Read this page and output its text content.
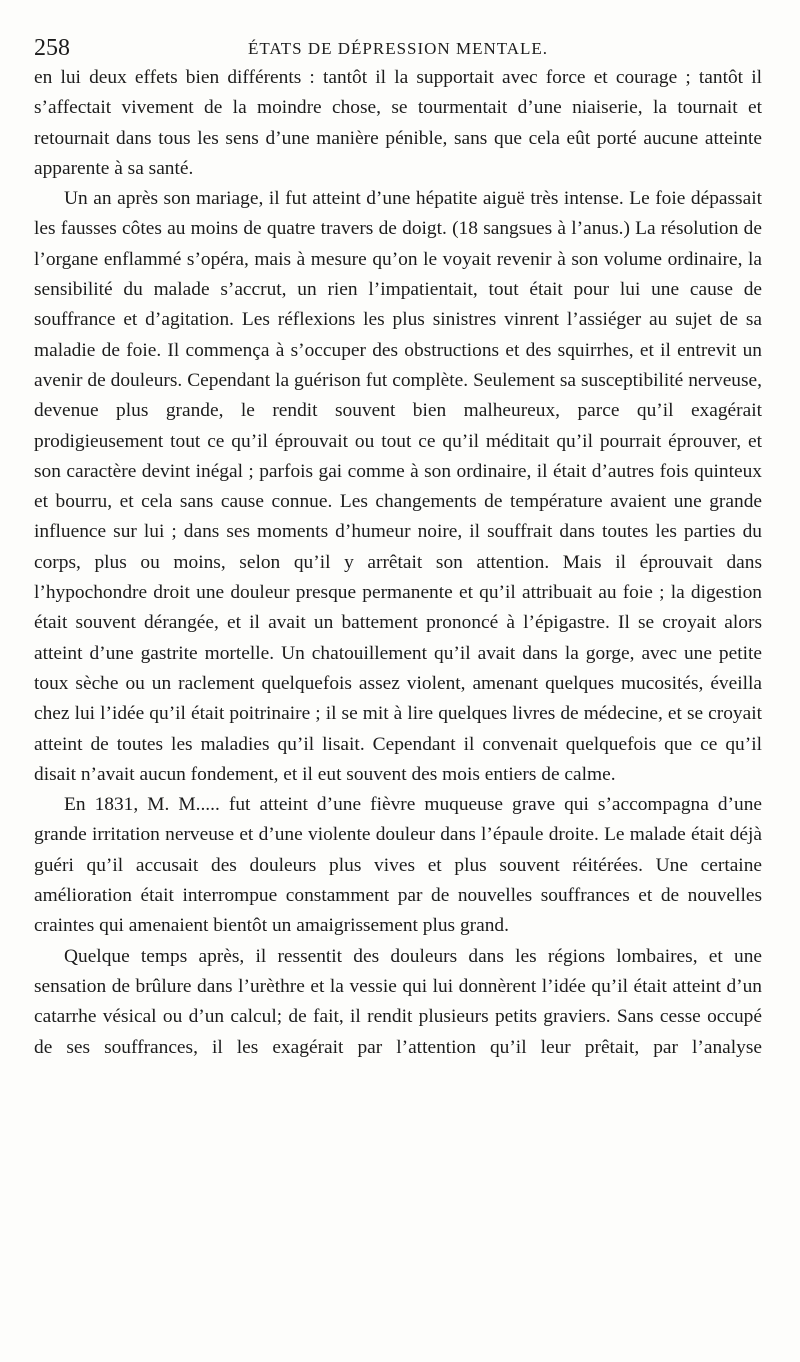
258	ÉTATS DE DÉPRESSION MENTALE.

en lui deux effets bien différents : tantôt il la supportait avec force et courage ; tantôt il s’affectait vivement de la moindre chose, se tourmentait d’une niaiserie, la tournait et retournait dans tous les sens d’une manière pénible, sans que cela eût porté aucune atteinte apparente à sa santé.

Un an après son mariage, il fut atteint d’une hépatite aiguë très intense. Le foie dépassait les fausses côtes au moins de quatre travers de doigt. (18 sangsues à l’anus.) La résolution de l’organe enflammé s’opéra, mais à mesure qu’on le voyait revenir à son volume ordinaire, la sensibilité du malade s’accrut, un rien l’impatientait, tout était pour lui une cause de souffrance et d’agitation. Les réflexions les plus sinistres vinrent l’assiéger au sujet de sa maladie de foie. Il commença à s’occuper des obstructions et des squirrhes, et il entrevit un avenir de douleurs. Cependant la guérison fut complète. Seulement sa susceptibilité nerveuse, devenue plus grande, le rendit souvent bien malheureux, parce qu’il exagérait prodigieusement tout ce qu’il éprouvait ou tout ce qu’il méditait qu’il pourrait éprouver, et son caractère devint inégal ; parfois gai comme à son ordinaire, il était d’autres fois quinteux et bourru, et cela sans cause connue. Les changements de température avaient une grande influence sur lui ; dans ses moments d’humeur noire, il souffrait dans toutes les parties du corps, plus ou moins, selon qu’il y arrêtait son attention. Mais il éprouvait dans l’hypochondre droit une douleur presque permanente et qu’il attribuait au foie ; la digestion était souvent dérangée, et il avait un battement prononcé à l’épigastre. Il se croyait alors atteint d’une gastrite mortelle. Un chatouillement qu’il avait dans la gorge, avec une petite toux sèche ou un raclement quelquefois assez violent, amenant quelques mucosités, éveilla chez lui l’idée qu’il était poitrinaire ; il se mit à lire quelques livres de médecine, et se croyait atteint de toutes les maladies qu’il lisait. Cependant il convenait quelquefois que ce qu’il disait n’avait aucun fondement, et il eut souvent des mois entiers de calme.

En 1831, M. M..... fut atteint d’une fièvre muqueuse grave qui s’accompagna d’une grande irritation nerveuse et d’une violente douleur dans l’épaule droite. Le malade était déjà guéri qu’il accusait des douleurs plus vives et plus souvent réitérées. Une certaine amélioration était interrompue constamment par de nouvelles souffrances et de nouvelles craintes qui amenaient bientôt un amaigrissement plus grand.

Quelque temps après, il ressentit des douleurs dans les régions lombaires, et une sensation de brûlure dans l’urèthre et la vessie qui lui donnèrent l’idée qu’il était atteint d’un catarrhe vésical ou d’un calcul; de fait, il rendit plusieurs petits graviers. Sans cesse occupé de ses souffrances, il les exagérait par l’attention qu’il leur prêtait, par l’analyse
